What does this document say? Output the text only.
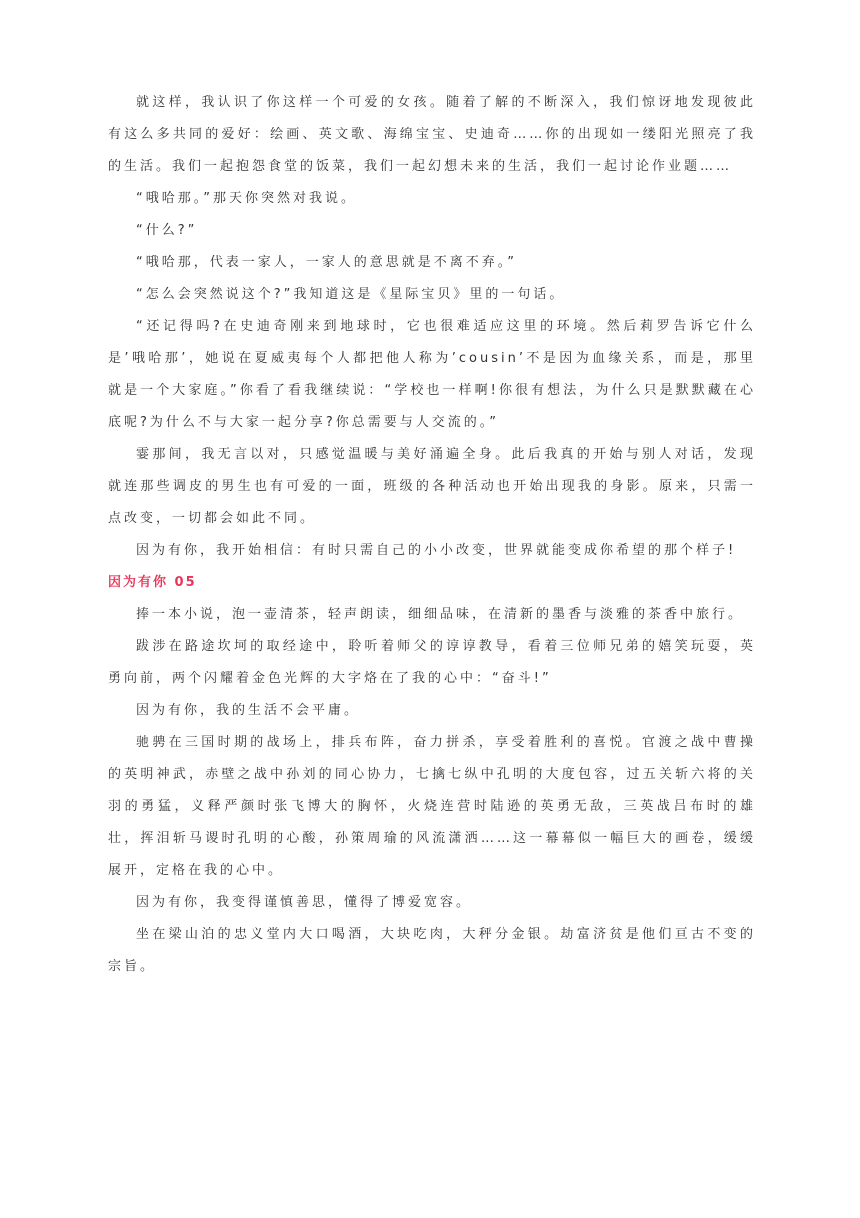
就这样，我认识了你这样一个可爱的女孩。随着了解的不断深入，我们惊讶地发现彼此有这么多共同的爱好：绘画、英文歌、海绵宝宝、史迪奇……你的出现如一缕阳光照亮了我的生活。我们一起抱怨食堂的饭菜，我们一起幻想未来的生活，我们一起讨论作业题……

“哦哈那。”那天你突然对我说。

“什么?”

“哦哈那，代表一家人，一家人的意思就是不离不弃。”

“怎么会突然说这个?”我知道这是《星际宝贝》里的一句话。

“还记得吗?在史迪奇刚来到地球时，它也很难适应这里的环境。然后莉罗告诉它什么是’哦哈那’，她说在夏威夷每个人都把他人称为’cousin’不是因为血缘关系，而是，那里就是一个大家庭。”你看了看我继续说：“学校也一样啊!你很有想法，为什么只是默默藏在心底呢?为什么不与大家一起分享?你总需要与人交流的。”

霎那间，我无言以对，只感觉温暖与美好涌遍全身。此后我真的开始与别人对话，发现就连那些调皮的男生也有可爱的一面，班级的各种活动也开始出现我的身影。原来，只需一点改变，一切都会如此不同。

因为有你，我开始相信：有时只需自己的小小改变，世界就能变成你希望的那个样子!

因为有你 05

捧一本小说，泡一壶清茶，轻声朗读，细细品味，在清新的墨香与淡雅的茶香中旅行。

跋涉在路途坎坷的取经途中，聆听着师父的谆谆教导，看着三位师兄弟的嬉笑玩耍，英勇向前，两个闪耀着金色光辉的大字烙在了我的心中：“奋斗!”

因为有你，我的生活不会平庸。

驰骋在三国时期的战场上，排兵布阵，奋力拼杀，享受着胜利的喜悦。官渡之战中曹操的英明神武，赤壁之战中孙刘的同心协力，七擒七纵中孔明的大度包容，过五关斩六将的关羽的勇猛，义释严颜时张飞博大的胸怀，火烧连营时陆逊的英勇无敌，三英战吕布时的雄壮，挥泪斩马谡时孔明的心酸，孙策周瑜的风流潇洒……这一幕幕似一幅巨大的画卷，缓缓展开，定格在我的心中。

因为有你，我变得谨慎善思，懂得了博爱宽容。

坐在梁山泊的忠义堂内大口喝酒，大块吃肉，大秤分金银。劫富济贫是他们亘古不变的宗旨。
